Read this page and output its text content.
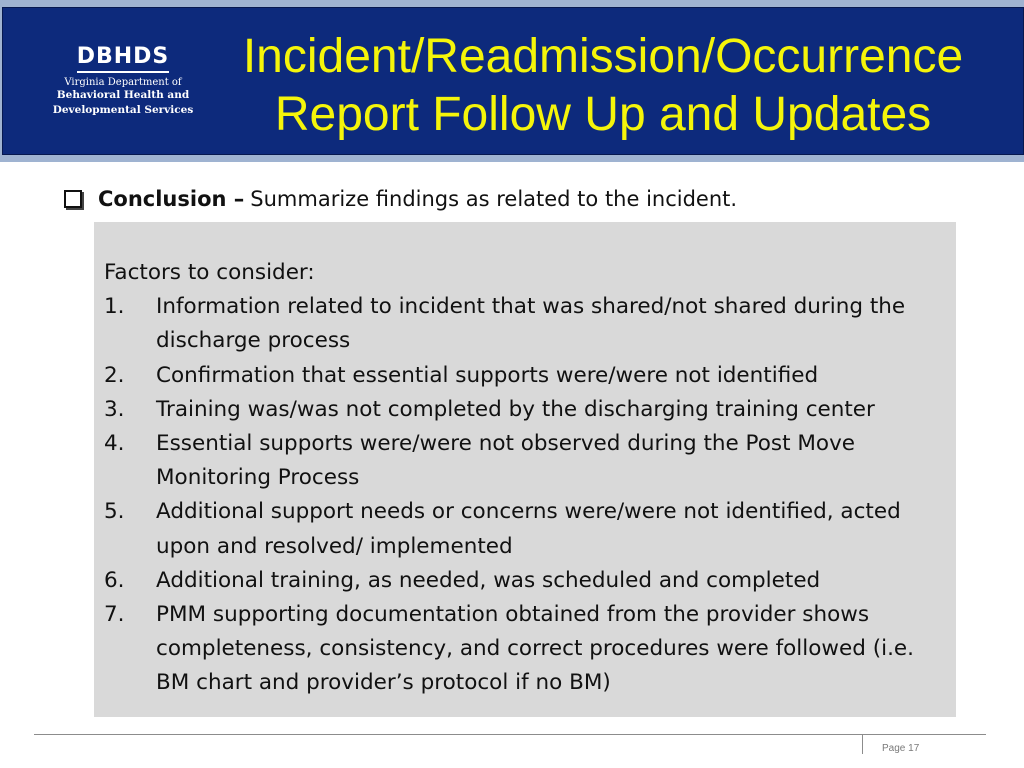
DBHDS
Virginia Department of
Behavioral Health and
Developmental Services
Incident/Readmission/Occurrence
Report Follow Up and Updates
Conclusion – Summarize findings as related to the incident.
Factors to consider:
1.	Information related to incident that was shared/not shared during the discharge process
2.	Confirmation that essential supports were/were not identified
3.	Training was/was not completed by the discharging training center
4.	Essential supports were/were not observed during the Post Move Monitoring Process
5.	Additional support needs or concerns were/were not identified, acted upon and resolved/ implemented
6.	Additional training, as needed, was scheduled and completed
7.	PMM supporting documentation obtained from the provider shows completeness, consistency, and correct procedures were followed (i.e. BM chart and provider’s protocol if no BM)
Page 17
